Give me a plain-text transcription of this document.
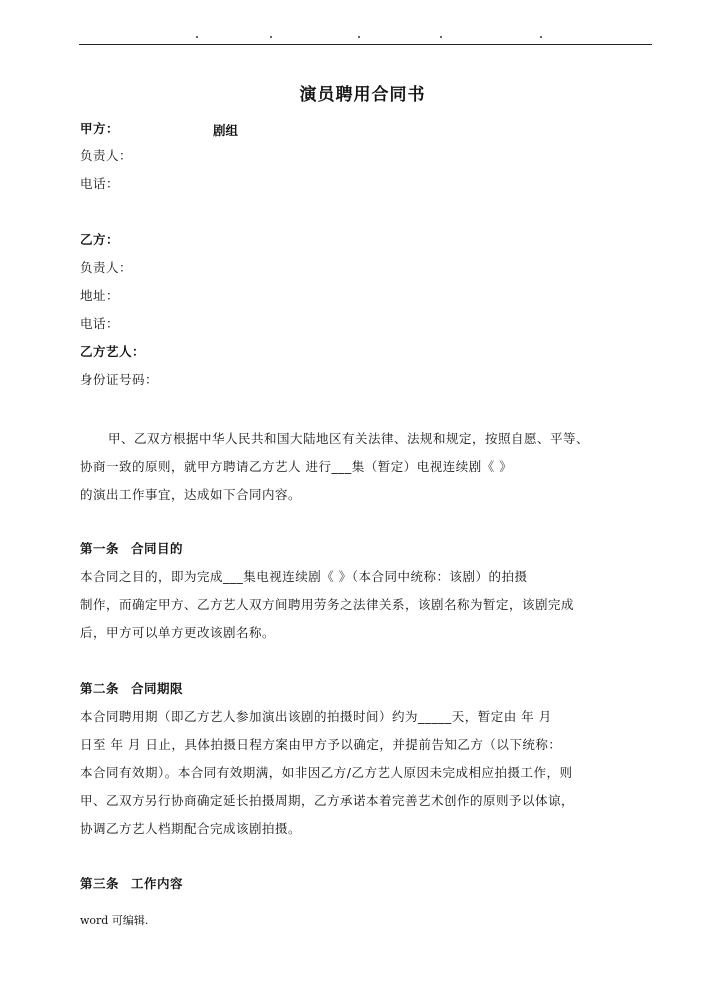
演员聘用合同书
甲方：	剧组
负责人：
电话：
乙方：
负责人：
地址：
电话：
乙方艺人：
身份证号码：
甲、乙双方根据中华人民共和国大陆地区有关法律、法规和规定，按照自愿、平等、
协商一致的原则，就甲方聘请乙方艺人 进行___集（暂定）电视连续剧《 》
的演出工作事宜，达成如下合同内容。
第一条 合同目的
本合同之目的，即为完成___集电视连续剧《 》（本合同中统称：该剧）的拍摄
制作，而确定甲方、乙方艺人双方间聘用劳务之法律关系，该剧名称为暂定，该剧完成
后，甲方可以单方更改该剧名称。
第二条 合同期限
本合同聘用期（即乙方艺人参加演出该剧的拍摄时间）约为_____天，暂定由 年 月
日至 年 月 日止，具体拍摄日程方案由甲方予以确定，并提前告知乙方（以下统称：
本合同有效期）。本合同有效期满，如非因乙方/乙方艺人原因未完成相应拍摄工作，则
甲、乙双方另行协商确定延长拍摄周期，乙方承诺本着完善艺术创作的原则予以体谅，
协调乙方艺人档期配合完成该剧拍摄。
第三条 工作内容
word 可编辑.
